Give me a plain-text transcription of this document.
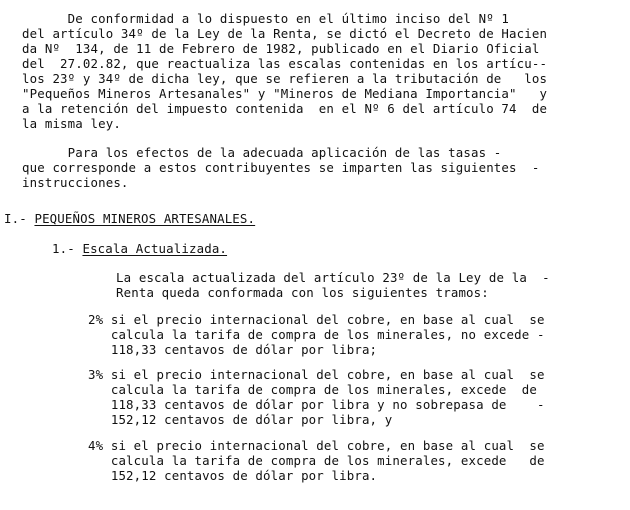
De conformidad a lo dispuesto en el último inciso del Nº 1
del artículo 34º de la Ley de la Renta, se dictó el Decreto de Hacien
da Nº  134, de 11 de Febrero de 1982, publicado en el Diario Oficial
del  27.02.82, que reactualiza las escalas contenidas en los artícu--
los 23º y 34º de dicha ley, que se refieren a la tributación de   los
"Pequeños Mineros Artesanales" y "Mineros de Mediana Importancia"   y
a la retención del impuesto contenida  en el Nº 6 del artículo 74  de
la misma ley.
Para los efectos de la adecuada aplicación de las tasas -
que corresponde a estos contribuyentes se imparten las siguientes  -
instrucciones.
I.- PEQUEÑOS MINEROS ARTESANALES.
1.- Escala Actualizada.
La escala actualizada del artículo 23º de la Ley de la  -
Renta queda conformada con los siguientes tramos:
2% si el precio internacional del cobre, en base al cual  se
calcula la tarifa de compra de los minerales, no excede -
118,33 centavos de dólar por libra;
3% si el precio internacional del cobre, en base al cual  se
calcula la tarifa de compra de los minerales, excede  de
118,33 centavos de dólar por libra y no sobrepasa de    -
152,12 centavos de dólar por libra, y
4% si el precio internacional del cobre, en base al cual  se
calcula la tarifa de compra de los minerales, excede   de
152,12 centavos de dólar por libra.
